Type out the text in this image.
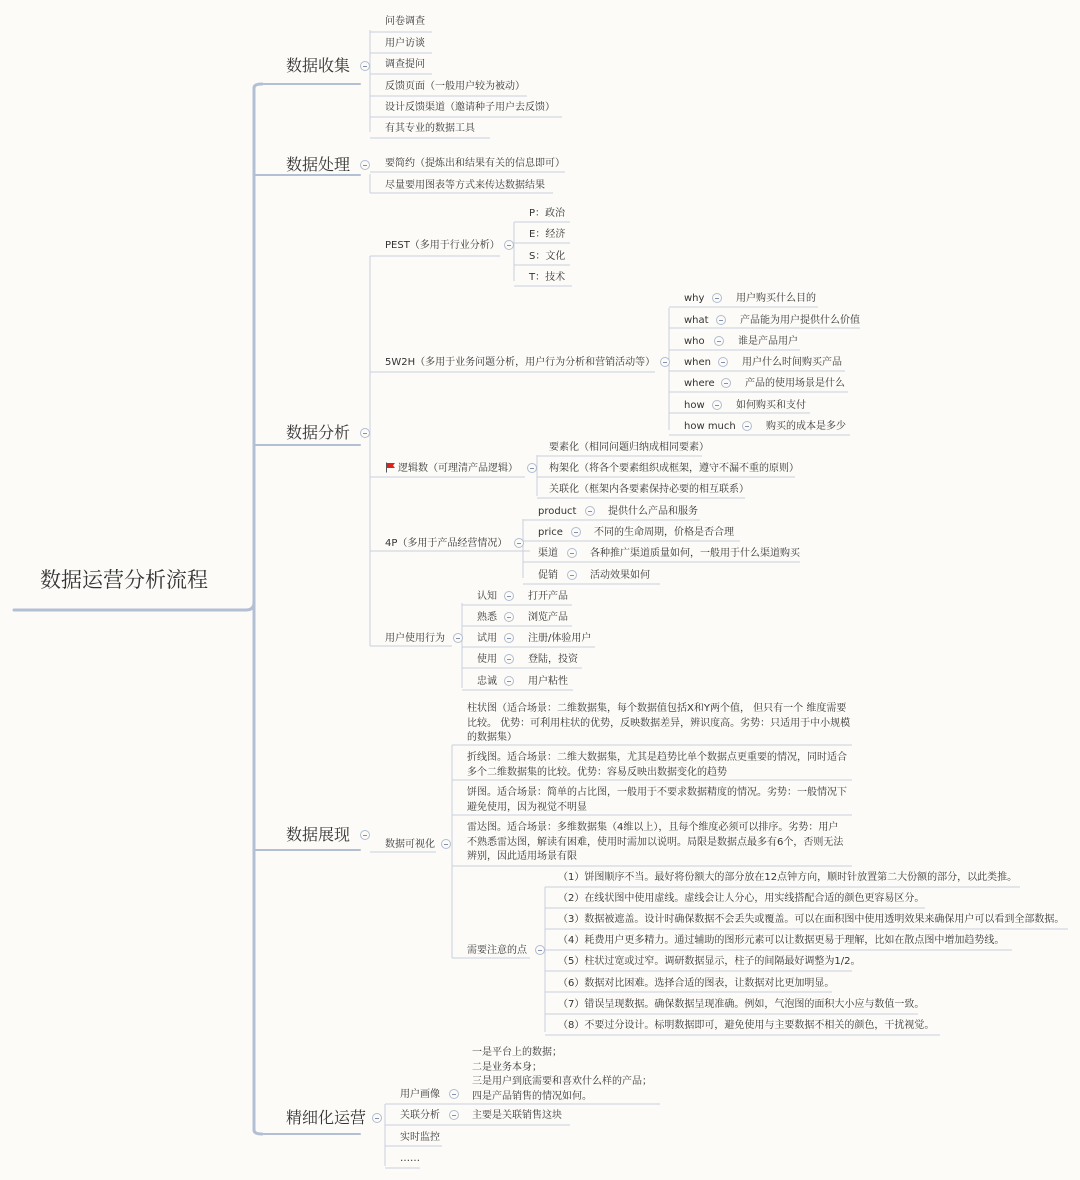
数据运营分析流程
数据收集
问卷调查
用户访谈
调查提问
反馈页面（一般用户较为被动）
设计反馈渠道（邀请种子用户去反馈）
有其专业的数据工具
数据处理	要简约（提炼出和结果有关的信息即可）
尽量要用图表等方式来传达数据结果
数据分析
PEST（多用于行业分析）
P：政治
E：经济
S：文化
T：技术
5W2H（多用于业务问题分析，用户行为分析和营销活动等）
why	用户购买什么目的
what	产品能为用户提供什么价值
who	谁是产品用户
when	用户什么时间购买产品
where	产品的使用场景是什么
how	如何购买和支付
how much	购买的成本是多少
逻辑数（可理清产品逻辑）
要素化（相同问题归纳成相同要素）
构架化（将各个要素组织成框架，遵守不漏不重的原则）
关联化（框架内各要素保持必要的相互联系）
4P（多用于产品经营情况）
product	提供什么产品和服务
price	不同的生命周期，价格是否合理
渠道	各种推广渠道质量如何，一般用于什么渠道购买
促销	活动效果如何
用户使用行为
认知	打开产品
熟悉	浏览产品
试用	注册/体验用户
使用	登陆，投资
忠诚	用户粘性
数据展现
数据可视化
柱状图（适合场景：二维数据集，每个数据值包括X和Y两个值， 但只有一个 维度需要
比较。 优势：可利用柱状的优势，反映数据差异，辨识度高。劣势：只适用于中小规模
的数据集）
折线图。适合场景：二维大数据集，尤其是趋势比单个数据点更重要的情况，同时适合
多个二维数据集的比较。优势：容易反映出数据变化的趋势
饼图。适合场景：简单的占比图，一般用于不要求数据精度的情况。劣势：一般情况下
避免使用，因为视觉不明显
雷达图。适合场景：多维数据集（4维以上），且每个维度必须可以排序。劣势：用户
不熟悉雷达图，解读有困难，使用时需加以说明。局限是数据点最多有6个，否则无法
辨别，因此适用场景有限
需要注意的点
（1）饼图顺序不当。最好将份额大的部分放在12点钟方向，顺时针放置第二大份额的部分，以此类推。
（2）在线状图中使用虚线。虚线会让人分心，用实线搭配合适的颜色更容易区分。
（3）数据被遮盖。设计时确保数据不会丢失或覆盖。可以在面积图中使用透明效果来确保用户可以看到全部数据。
（4）耗费用户更多精力。通过辅助的图形元素可以让数据更易于理解，比如在散点图中增加趋势线。
（5）柱状过宽或过窄。调研数据显示，柱子的间隔最好调整为1/2。
（6）数据对比困难。选择合适的图表，让数据对比更加明显。
（7）错误呈现数据。确保数据呈现准确。例如，气泡图的面积大小应与数值一致。
（8）不要过分设计。标明数据即可，避免使用与主要数据不相关的颜色，干扰视觉。
精细化运营
用户画像
一是平台上的数据；
二是业务本身；
三是用户到底需要和喜欢什么样的产品；
四是产品销售的情况如何。
关联分析	主要是关联销售这块
实时监控
……
